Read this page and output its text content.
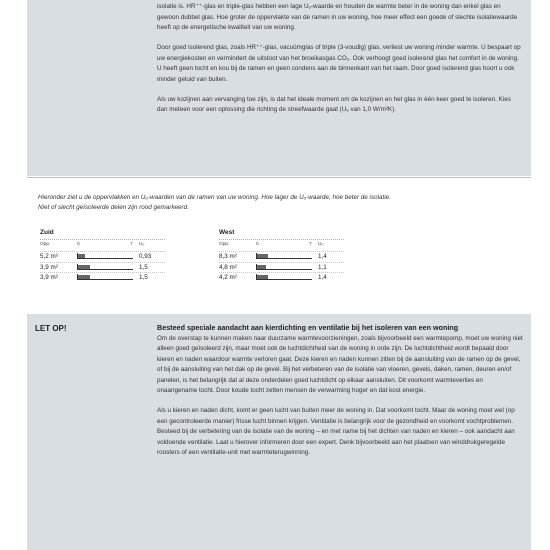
isolatie is. HR⁺⁺-glas en triple-glas hebben een lage Uₒ-waarde en houden de warmte beter in de woning dan enkel glas en gewoon dubbel glas. Hoe groter de oppervlakte van de ramen in uw woning, hoe meer effect een goede of slechte isolatiewaarde heeft op de energetische kwaliteit van uw woning.

Door goed isolerend glas, zoals HR⁺⁺-glas, vacuümglas of triple (3-voudig) glas, verliest uw woning minder warmte. U bespaart op uw energiekosten en vermindert de uitstoot van het broeikasgas CO₂. Ook verhoogt goed isolerend glas het comfort in de woning. U heeft geen tocht en kou bij de ramen en geen condens aan de binnenkant van het raam. Door goed isolerend glas hoort u ook minder geluid van buiten.

Als uw kozijnen aan vervanging toe zijn, is dat het ideale moment om de kozijnen en het glas in één keer goed te isoleren. Kies dan meteen voor een oplossing die richting de streefwaarde gaat (Uₒ van 1,0 W/m²K).

Hieronder ziet u de oppervlakken en Uₒ-waarden van de ramen van uw woning. Hoe lager de Uₒ-waarde, hoe beter de isolatie.
Niet of slecht geïsoleerde delen zijn rood gemarkeerd.
Zuid
Opp.	0	7 Uₒ
5,2 m²	0,93
3,9 m²	1,5
3,9 m²	1,5
West
Opp.	0	7 Uₒ
8,3 m²	1,4
4,8 m²	1,1
4,2 m²	1,4
LET OP!	Besteed speciale aandacht aan kierdichting en ventilatie bij het isoleren van een woning

Om de overstap te kunnen maken naar duurzame warmtevoorzieningen, zoals bijvoorbeeld een warmtepomp, moet uw woning niet alleen goed geïsoleerd zijn, maar moet ook de luchtdichtheid van de woning in orde zijn. De luchtdichtheid wordt bepaald door kieren en naden waardoor warmte verloren gaat. Deze kieren en naden kunnen zitten bij de aansluiting van de ramen op de gevel, of bij de aansluiting van het dak op de gevel. Bij het verbeteren van de isolatie van vloeren, gevels, daken, ramen, deuren en/of panelen, is het belangrijk dat al deze onderdelen goed luchtdicht op elkaar aansluiten. Dit voorkomt warmteverlies en onaangename tocht. Door koude tocht zetten mensen de verwarming hoger en dat kost energie.

Als u kieren en naden dicht, komt er geen lucht van buiten meer de woning in. Dat voorkomt tocht. Maar de woning moet wel (op een gecontroleerde manier) frisse lucht binnen krijgen. Ventilatie is belangrijk voor de gezondheid en voorkomt vochtproblemen. Besteed bij de verbetering van de isolatie van de woning – en met name bij het dichten van naden en kieren – ook aandacht aan voldoende ventilatie. Laat u hierover informeren door een expert. Denk bijvoorbeeld aan het plaatsen van winddrukgeregelde roosters of een ventilatie-unit met warmteterugwinning.
